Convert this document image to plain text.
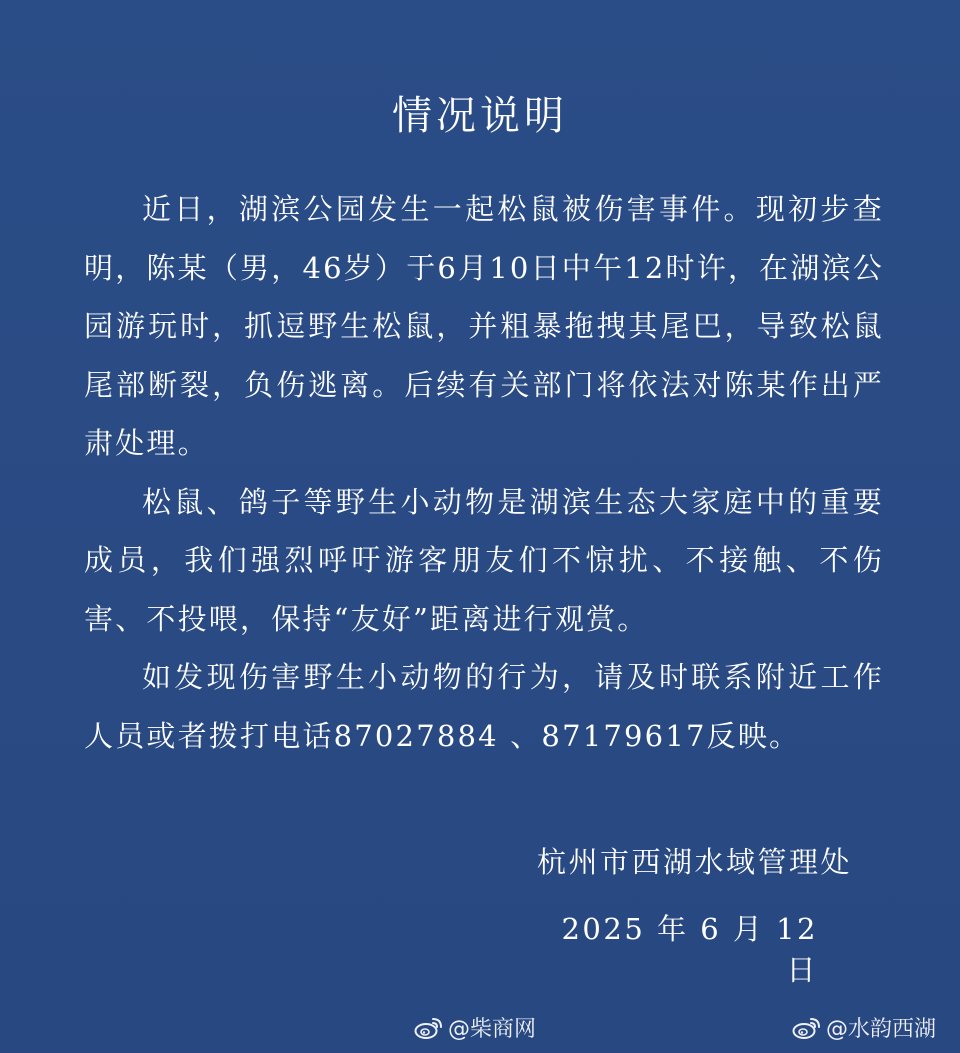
情况说明

近日，湖滨公园发生一起松鼠被伤害事件。现初步查明，陈某（男，46岁）于6月10日中午12时许，在湖滨公园游玩时，抓逗野生松鼠，并粗暴拖拽其尾巴，导致松鼠尾部断裂，负伤逃离。后续有关部门将依法对陈某作出严肃处理。

松鼠、鸽子等野生小动物是湖滨生态大家庭中的重要成员，我们强烈呼吁游客朋友们不惊扰、不接触、不伤害、不投喂，保持“友好”距离进行观赏。

如发现伤害野生小动物的行为，请及时联系附近工作人员或者拨打电话87027884 、87179617反映。

杭州市西湖水域管理处
2025 年 6 月 12 日
@柴商网	@水韵西湖
